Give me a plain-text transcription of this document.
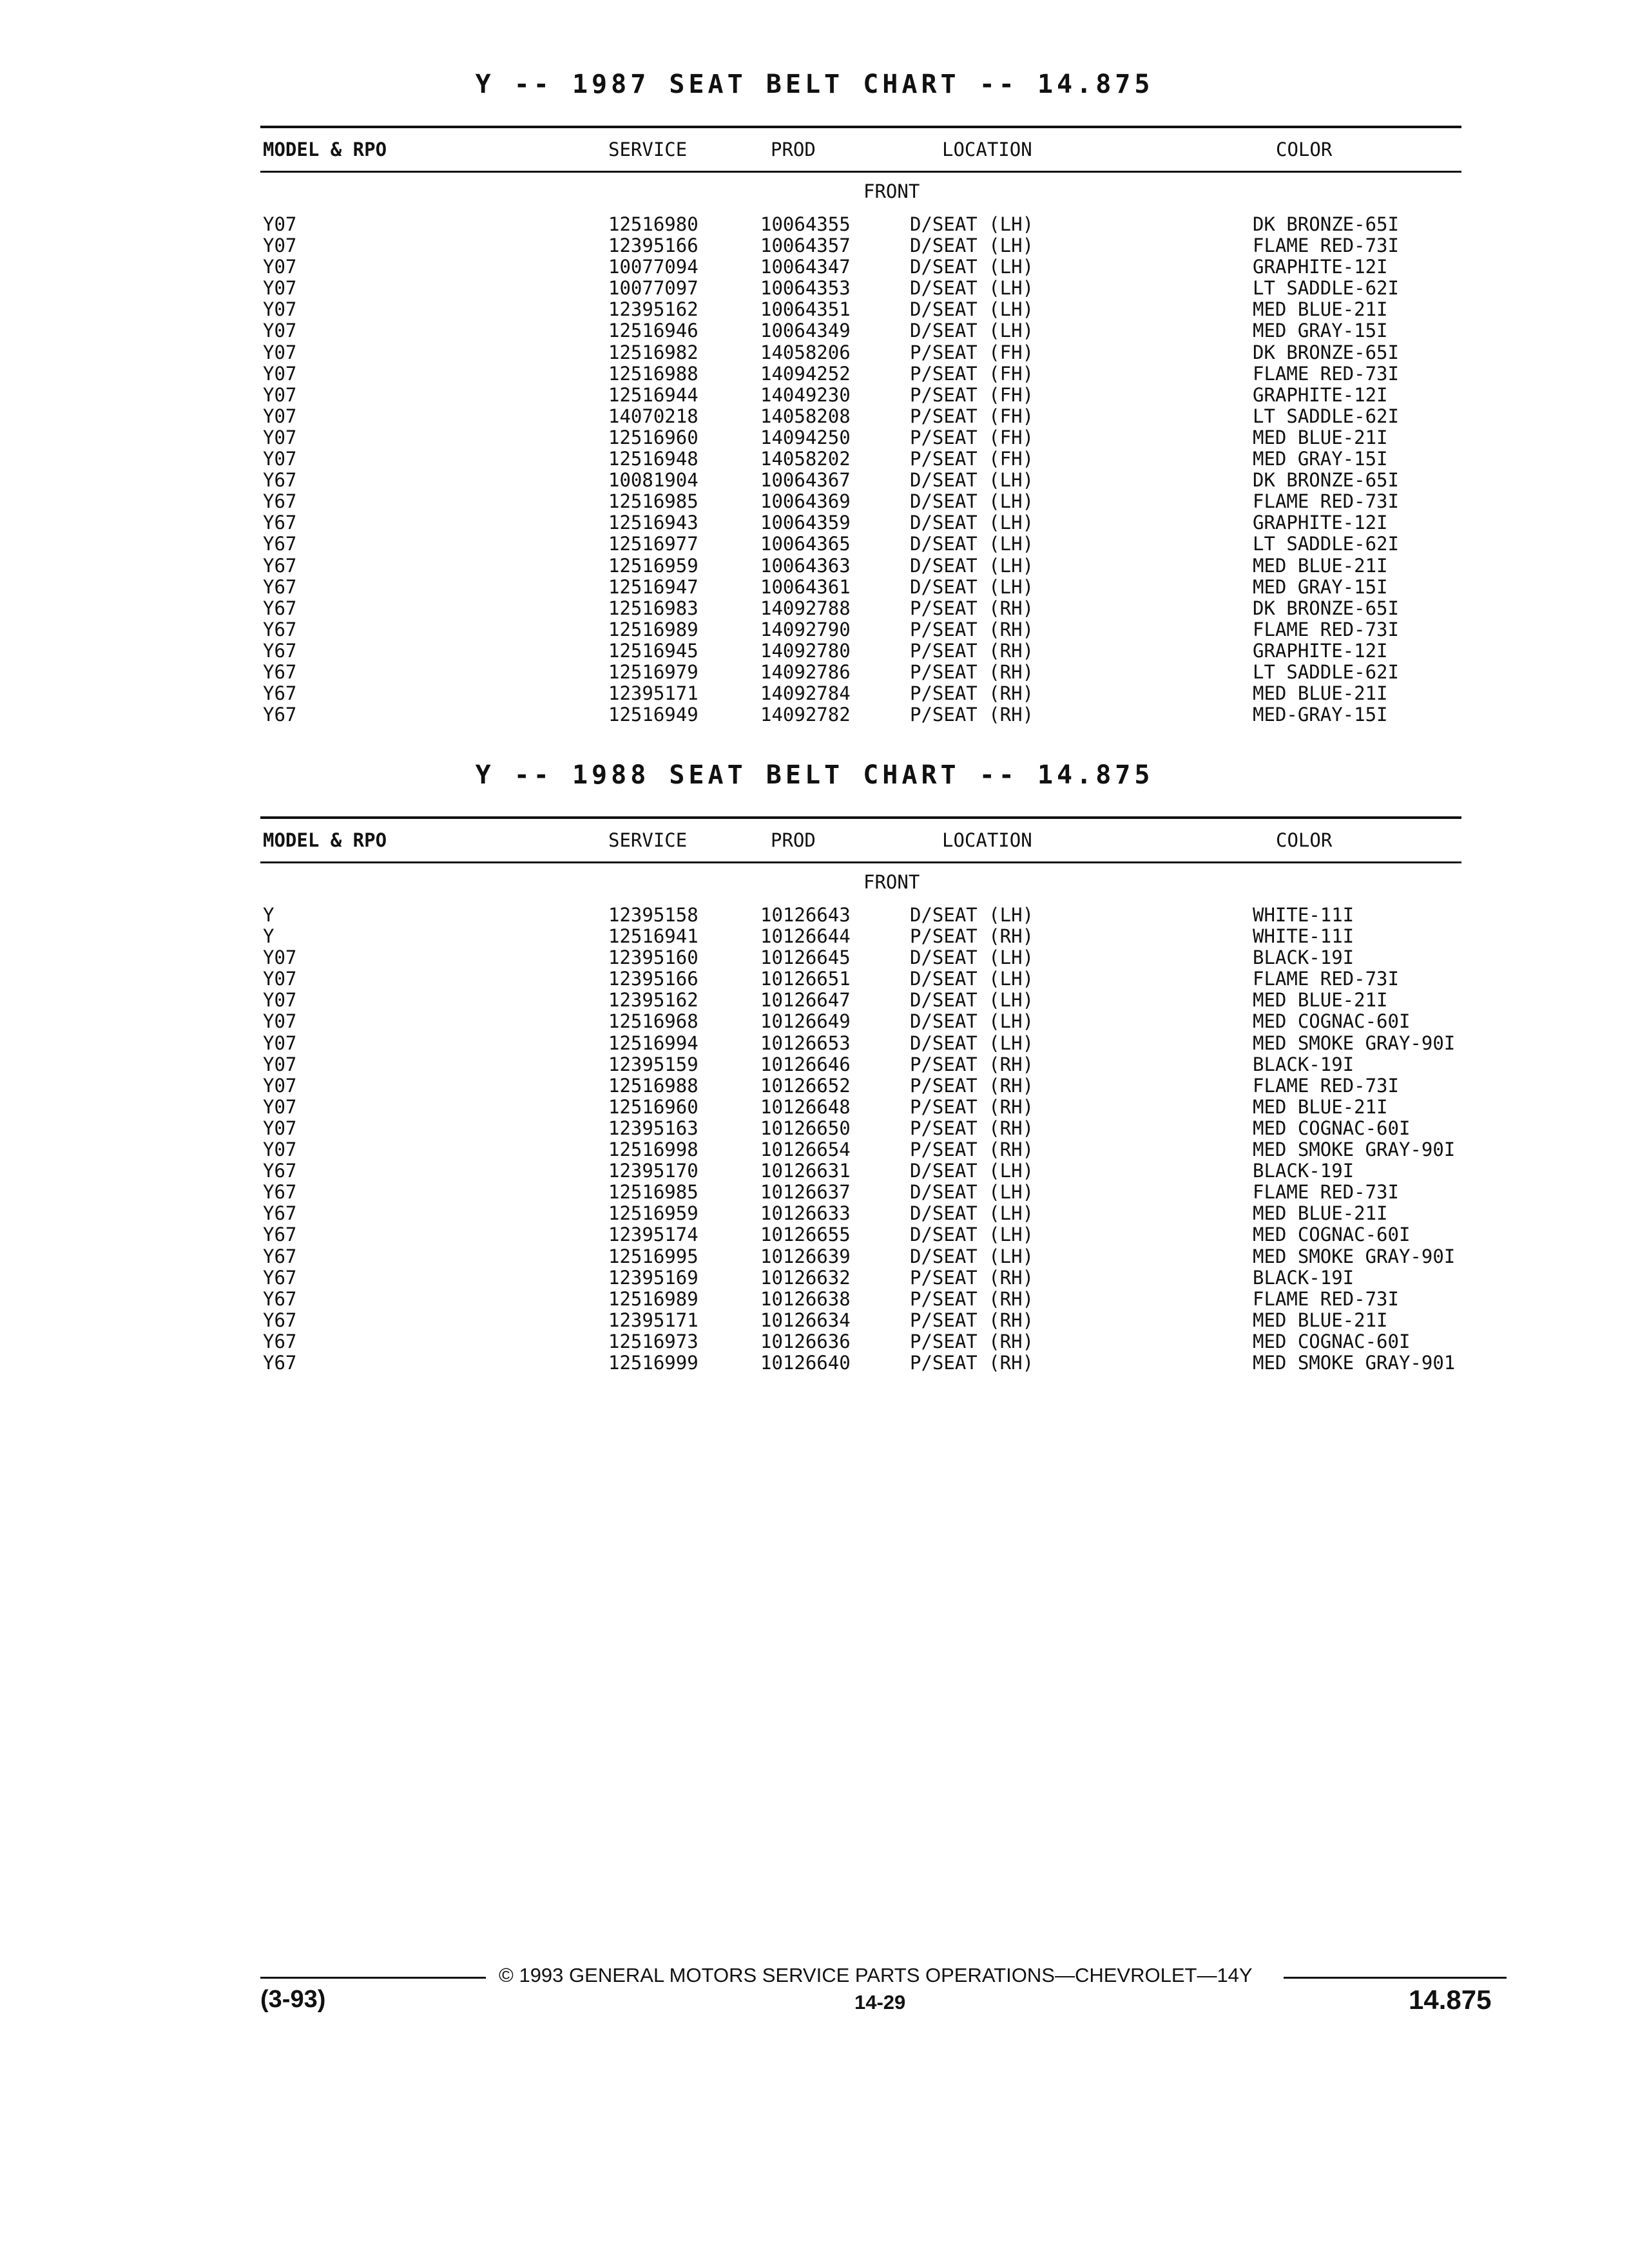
Y -- 1987 SEAT BELT CHART -- 14.875
MODEL & RPO	SERVICE	PROD	LOCATION	COLOR
FRONT
Y07	12516980	10064355	D/SEAT (LH)	DK BRONZE-65I
Y07	12395166	10064357	D/SEAT (LH)	FLAME RED-73I
Y07	10077094	10064347	D/SEAT (LH)	GRAPHITE-12I
Y07	10077097	10064353	D/SEAT (LH)	LT SADDLE-62I
Y07	12395162	10064351	D/SEAT (LH)	MED BLUE-21I
Y07	12516946	10064349	D/SEAT (LH)	MED GRAY-15I
Y07	12516982	14058206	P/SEAT (FH)	DK BRONZE-65I
Y07	12516988	14094252	P/SEAT (FH)	FLAME RED-73I
Y07	12516944	14049230	P/SEAT (FH)	GRAPHITE-12I
Y07	14070218	14058208	P/SEAT (FH)	LT SADDLE-62I
Y07	12516960	14094250	P/SEAT (FH)	MED BLUE-21I
Y07	12516948	14058202	P/SEAT (FH)	MED GRAY-15I
Y67	10081904	10064367	D/SEAT (LH)	DK BRONZE-65I
Y67	12516985	10064369	D/SEAT (LH)	FLAME RED-73I
Y67	12516943	10064359	D/SEAT (LH)	GRAPHITE-12I
Y67	12516977	10064365	D/SEAT (LH)	LT SADDLE-62I
Y67	12516959	10064363	D/SEAT (LH)	MED BLUE-21I
Y67	12516947	10064361	D/SEAT (LH)	MED GRAY-15I
Y67	12516983	14092788	P/SEAT (RH)	DK BRONZE-65I
Y67	12516989	14092790	P/SEAT (RH)	FLAME RED-73I
Y67	12516945	14092780	P/SEAT (RH)	GRAPHITE-12I
Y67	12516979	14092786	P/SEAT (RH)	LT SADDLE-62I
Y67	12395171	14092784	P/SEAT (RH)	MED BLUE-21I
Y67	12516949	14092782	P/SEAT (RH)	MED-GRAY-15I
Y -- 1988 SEAT BELT CHART -- 14.875
MODEL & RPO	SERVICE	PROD	LOCATION	COLOR
FRONT
Y	12395158	10126643	D/SEAT (LH)	WHITE-11I
Y	12516941	10126644	P/SEAT (RH)	WHITE-11I
Y07	12395160	10126645	D/SEAT (LH)	BLACK-19I
Y07	12395166	10126651	D/SEAT (LH)	FLAME RED-73I
Y07	12395162	10126647	D/SEAT (LH)	MED BLUE-21I
Y07	12516968	10126649	D/SEAT (LH)	MED COGNAC-60I
Y07	12516994	10126653	D/SEAT (LH)	MED SMOKE GRAY-90I
Y07	12395159	10126646	P/SEAT (RH)	BLACK-19I
Y07	12516988	10126652	P/SEAT (RH)	FLAME RED-73I
Y07	12516960	10126648	P/SEAT (RH)	MED BLUE-21I
Y07	12395163	10126650	P/SEAT (RH)	MED COGNAC-60I
Y07	12516998	10126654	P/SEAT (RH)	MED SMOKE GRAY-90I
Y67	12395170	10126631	D/SEAT (LH)	BLACK-19I
Y67	12516985	10126637	D/SEAT (LH)	FLAME RED-73I
Y67	12516959	10126633	D/SEAT (LH)	MED BLUE-21I
Y67	12395174	10126655	D/SEAT (LH)	MED COGNAC-60I
Y67	12516995	10126639	D/SEAT (LH)	MED SMOKE GRAY-90I
Y67	12395169	10126632	P/SEAT (RH)	BLACK-19I
Y67	12516989	10126638	P/SEAT (RH)	FLAME RED-73I
Y67	12395171	10126634	P/SEAT (RH)	MED BLUE-21I
Y67	12516973	10126636	P/SEAT (RH)	MED COGNAC-60I
Y67	12516999	10126640	P/SEAT (RH)	MED SMOKE GRAY-901
© 1993 GENERAL MOTORS SERVICE PARTS OPERATIONS—CHEVROLET—14Y
(3-93)	14-29	14.875
